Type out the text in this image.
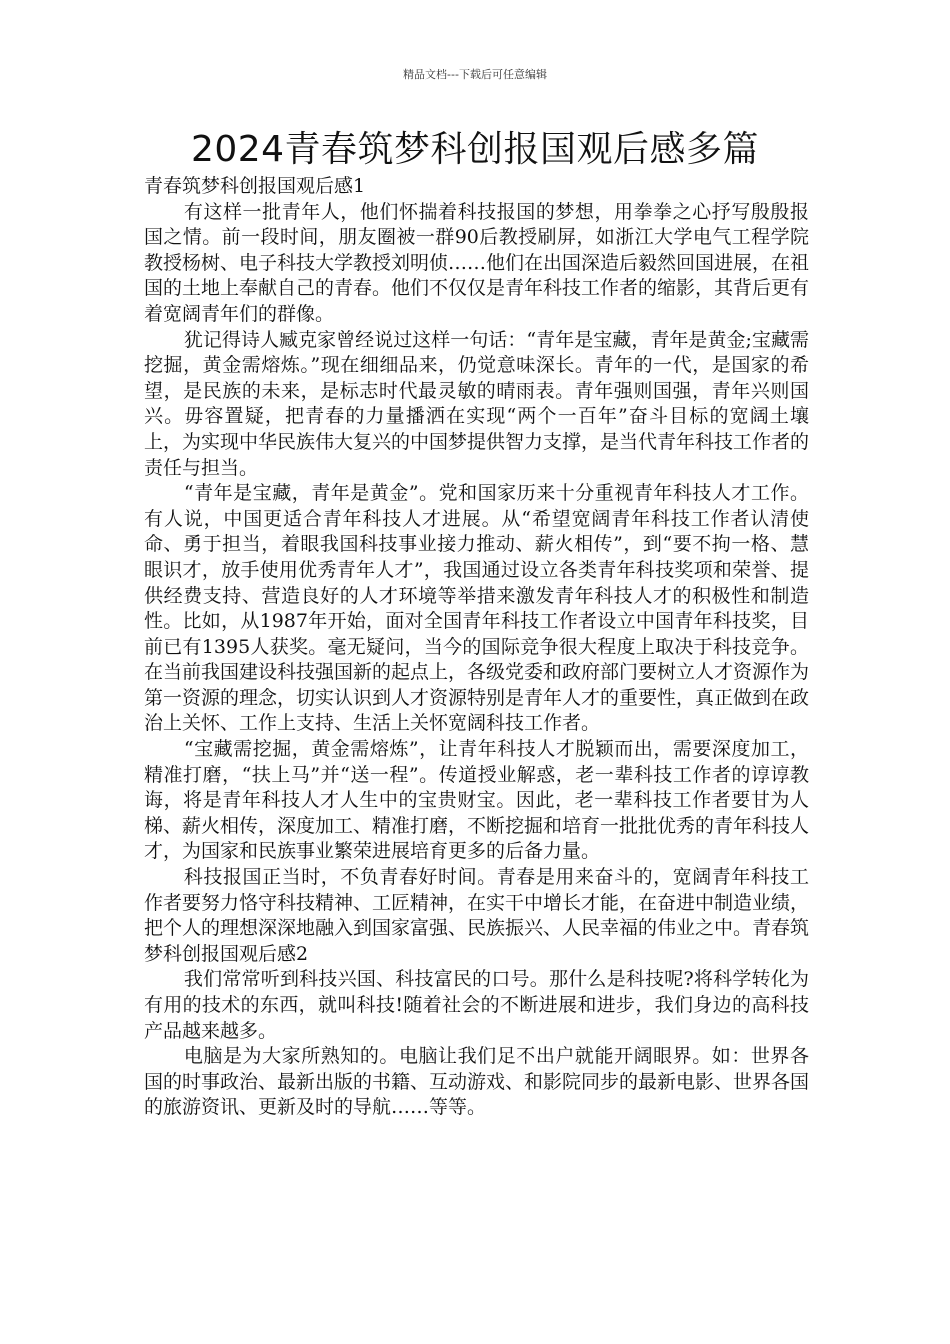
精品文档---下载后可任意编辑
2024青春筑梦科创报国观后感多篇

青春筑梦科创报国观后感1

有这样一批青年人，他们怀揣着科技报国的梦想，用拳拳之心抒写殷殷报国之情。前一段时间，朋友圈被一群90后教授刷屏，如浙江大学电气工程学院教授杨树、电子科技大学教授刘明侦……他们在出国深造后毅然回国进展，在祖国的土地上奉献自己的青春。他们不仅仅是青年科技工作者的缩影，其背后更有着宽阔青年们的群像。

犹记得诗人臧克家曾经说过这样一句话：“青年是宝藏，青年是黄金;宝藏需挖掘，黄金需熔炼。”现在细细品来，仍觉意味深长。青年的一代，是国家的希望，是民族的未来，是标志时代最灵敏的晴雨表。青年强则国强，青年兴则国兴。毋容置疑，把青春的力量播洒在实现“两个一百年”奋斗目标的宽阔土壤上，为实现中华民族伟大复兴的中国梦提供智力支撑，是当代青年科技工作者的责任与担当。

“青年是宝藏，青年是黄金”。党和国家历来十分重视青年科技人才工作。有人说，中国更适合青年科技人才进展。从“希望宽阔青年科技工作者认清使命、勇于担当，着眼我国科技事业接力推动、薪火相传”，到“要不拘一格、慧眼识才，放手使用优秀青年人才”，我国通过设立各类青年科技奖项和荣誉、提供经费支持、营造良好的人才环境等举措来激发青年科技人才的积极性和制造性。比如，从1987年开始，面对全国青年科技工作者设立中国青年科技奖，目前已有1395人获奖。毫无疑问，当今的国际竞争很大程度上取决于科技竞争。在当前我国建设科技强国新的起点上，各级党委和政府部门要树立人才资源作为第一资源的理念，切实认识到人才资源特别是青年人才的重要性，真正做到在政治上关怀、工作上支持、生活上关怀宽阔科技工作者。

“宝藏需挖掘，黄金需熔炼”，让青年科技人才脱颖而出，需要深度加工，精准打磨，“扶上马”并“送一程”。传道授业解惑，老一辈科技工作者的谆谆教诲，将是青年科技人才人生中的宝贵财宝。因此，老一辈科技工作者要甘为人梯、薪火相传，深度加工、精准打磨，不断挖掘和培育一批批优秀的青年科技人才，为国家和民族事业繁荣进展培育更多的后备力量。

科技报国正当时，不负青春好时间。青春是用来奋斗的，宽阔青年科技工作者要努力恪守科技精神、工匠精神，在实干中增长才能，在奋进中制造业绩，把个人的理想深深地融入到国家富强、民族振兴、人民幸福的伟业之中。青春筑梦科创报国观后感2

我们常常听到科技兴国、科技富民的口号。那什么是科技呢?将科学转化为有用的技术的东西，就叫科技!随着社会的不断进展和进步，我们身边的高科技产品越来越多。

电脑是为大家所熟知的。电脑让我们足不出户就能开阔眼界。如：世界各国的时事政治、最新出版的书籍、互动游戏、和影院同步的最新电影、世界各国的旅游资讯、更新及时的导航……等等。
